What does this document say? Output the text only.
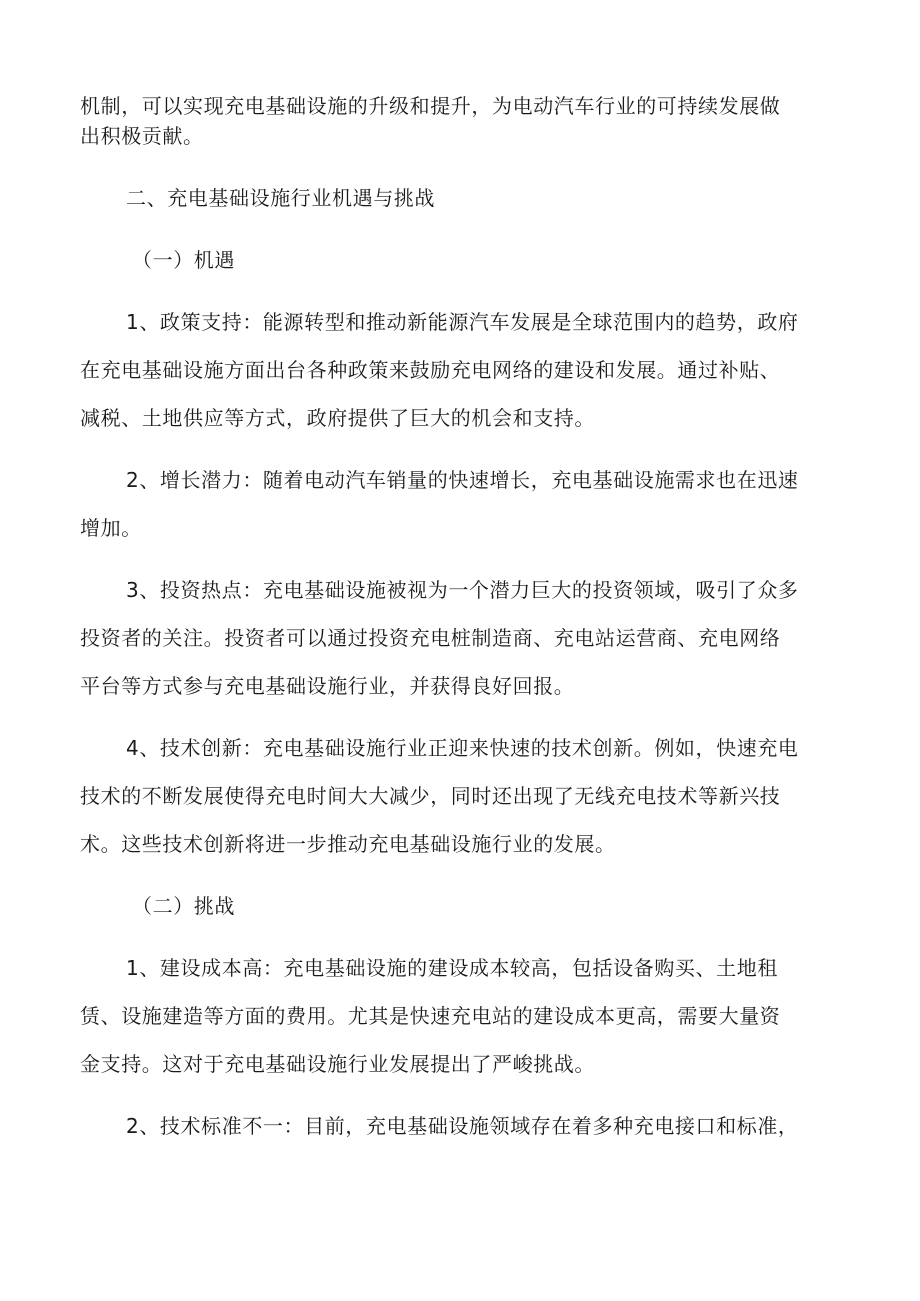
机制，可以实现充电基础设施的升级和提升，为电动汽车行业的可持续发展做
出积极贡献。
二、充电基础设施行业机遇与挑战
（一）机遇
1、政策支持：能源转型和推动新能源汽车发展是全球范围内的趋势，政府
在充电基础设施方面出台各种政策来鼓励充电网络的建设和发展。通过补贴、
减税、土地供应等方式，政府提供了巨大的机会和支持。
2、增长潜力：随着电动汽车销量的快速增长，充电基础设施需求也在迅速
增加。
3、投资热点：充电基础设施被视为一个潜力巨大的投资领域，吸引了众多
投资者的关注。投资者可以通过投资充电桩制造商、充电站运营商、充电网络
平台等方式参与充电基础设施行业，并获得良好回报。
4、技术创新：充电基础设施行业正迎来快速的技术创新。例如，快速充电
技术的不断发展使得充电时间大大减少，同时还出现了无线充电技术等新兴技
术。这些技术创新将进一步推动充电基础设施行业的发展。
（二）挑战
1、建设成本高：充电基础设施的建设成本较高，包括设备购买、土地租
赁、设施建造等方面的费用。尤其是快速充电站的建设成本更高，需要大量资
金支持。这对于充电基础设施行业发展提出了严峻挑战。
2、技术标准不一：目前，充电基础设施领域存在着多种充电接口和标准，
